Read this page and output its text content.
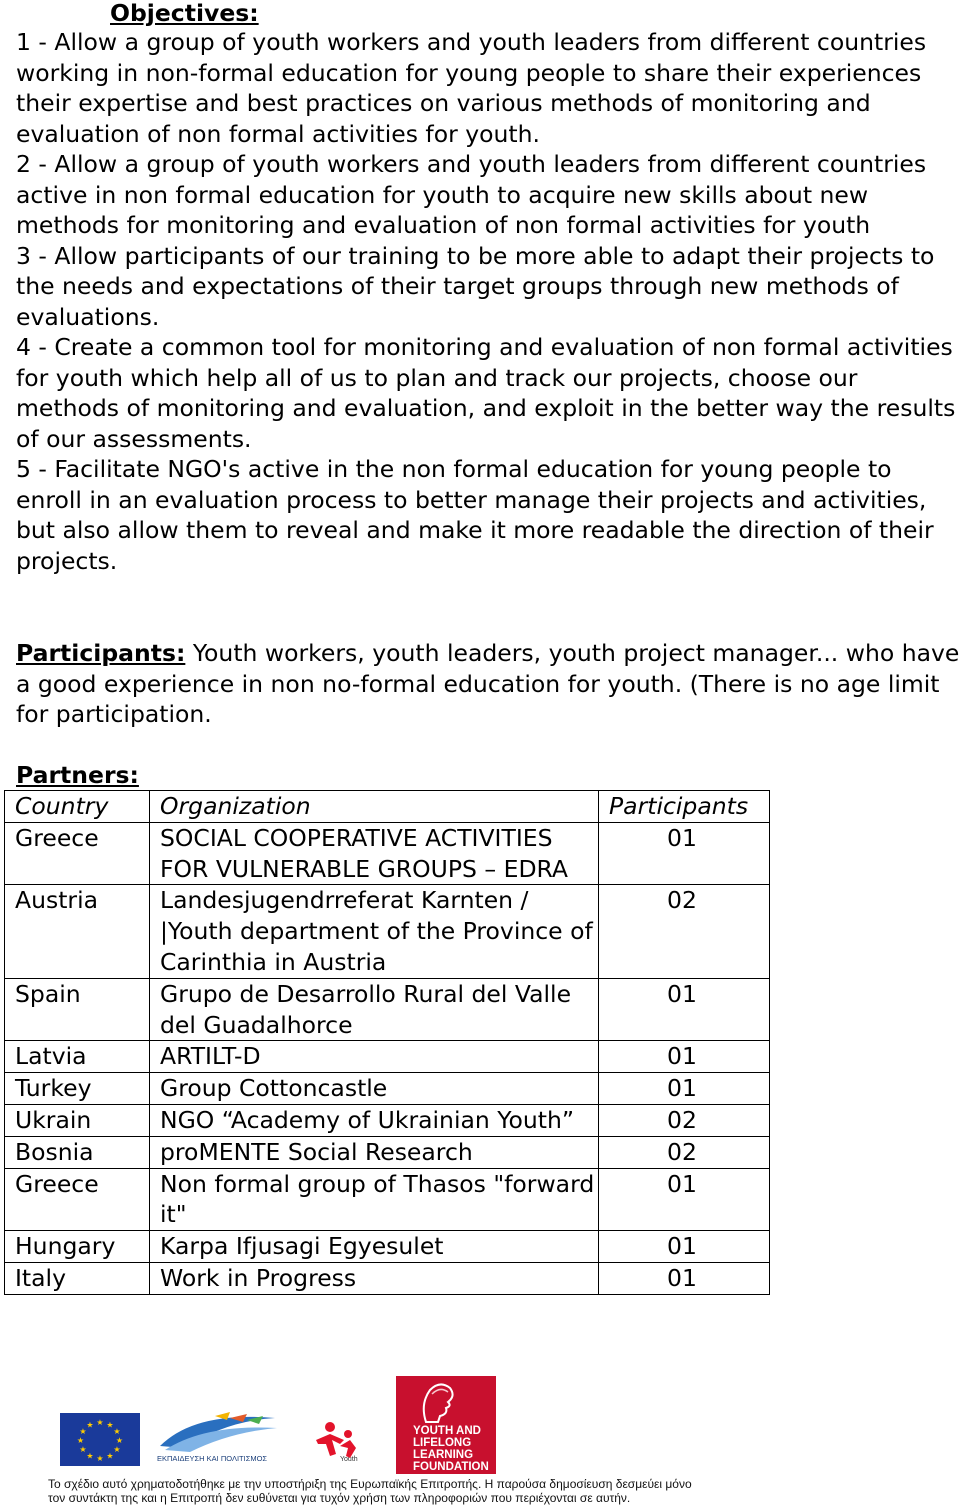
Objectives:
1 - Allow a group of youth workers and youth leaders from different countries working in non-formal education for young people to share their experiences their expertise and best practices on various methods of monitoring and evaluation of non formal activities for youth.
2 - Allow a group of youth workers and youth leaders from different countries active in non formal education for youth to acquire new skills about new methods for monitoring and evaluation of non formal activities for youth
3 - Allow participants of our training to be more able to adapt their projects to the needs and expectations of their target groups through new methods of evaluations.
4 - Create a common tool for monitoring and evaluation of non formal activities for youth which help all of us to plan and track our projects, choose our methods of monitoring and evaluation, and exploit in the better way the results of our assessments.
5 - Facilitate NGO's active in the non formal education for young people to enroll in an evaluation process to better manage their projects and activities, but also allow them to reveal and make it more readable the direction of their projects.
Participants: Youth workers, youth leaders, youth project manager... who have a good experience in non no-formal education for youth. (There is no age limit for participation.
Partners:
Country	Organization	Participants
Greece	SOCIAL COOPERATIVE ACTIVITIES FOR VULNERABLE GROUPS – EDRA	01
Austria	Landesjugendrreferat Karnten / |Youth department of the Province of Carinthia in Austria	02
Spain	Grupo de Desarrollo Rural del Valle del Guadalhorce	01
Latvia	ARTILT-D	01
Turkey	Group Cottoncastle	01
Ukrain	NGO “Academy of Ukrainian Youth”	02
Bosnia	proMENTE Social Research	02
Greece	Non formal group of Thasos "forward it"	01
Hungary	Karpa Ifjusagi Egyesulet	01
Italy	Work in Progress	01
★ ★
★
★
★
★
★
★
★
★
★
★
ΕΚΠΑΙΔΕΥΣΗ ΚΑΙ ΠΟΛΙΤΙΣΜΟΣ	Youth
YOUTH AND LIFELONG LEARNING FOUNDATION
Το σχέδιο αυτό χρηματοδοτήθηκε με την υποστήριξη της Ευρωπαϊκής Επιτροπής. Η παρούσα δημοσίευση δεσμεύει μόνο
τον συντάκτη της και η Επιτροπή δεν ευθύνεται για τυχόν χρήση των πληροφοριών που περιέχονται σε αυτήν.
